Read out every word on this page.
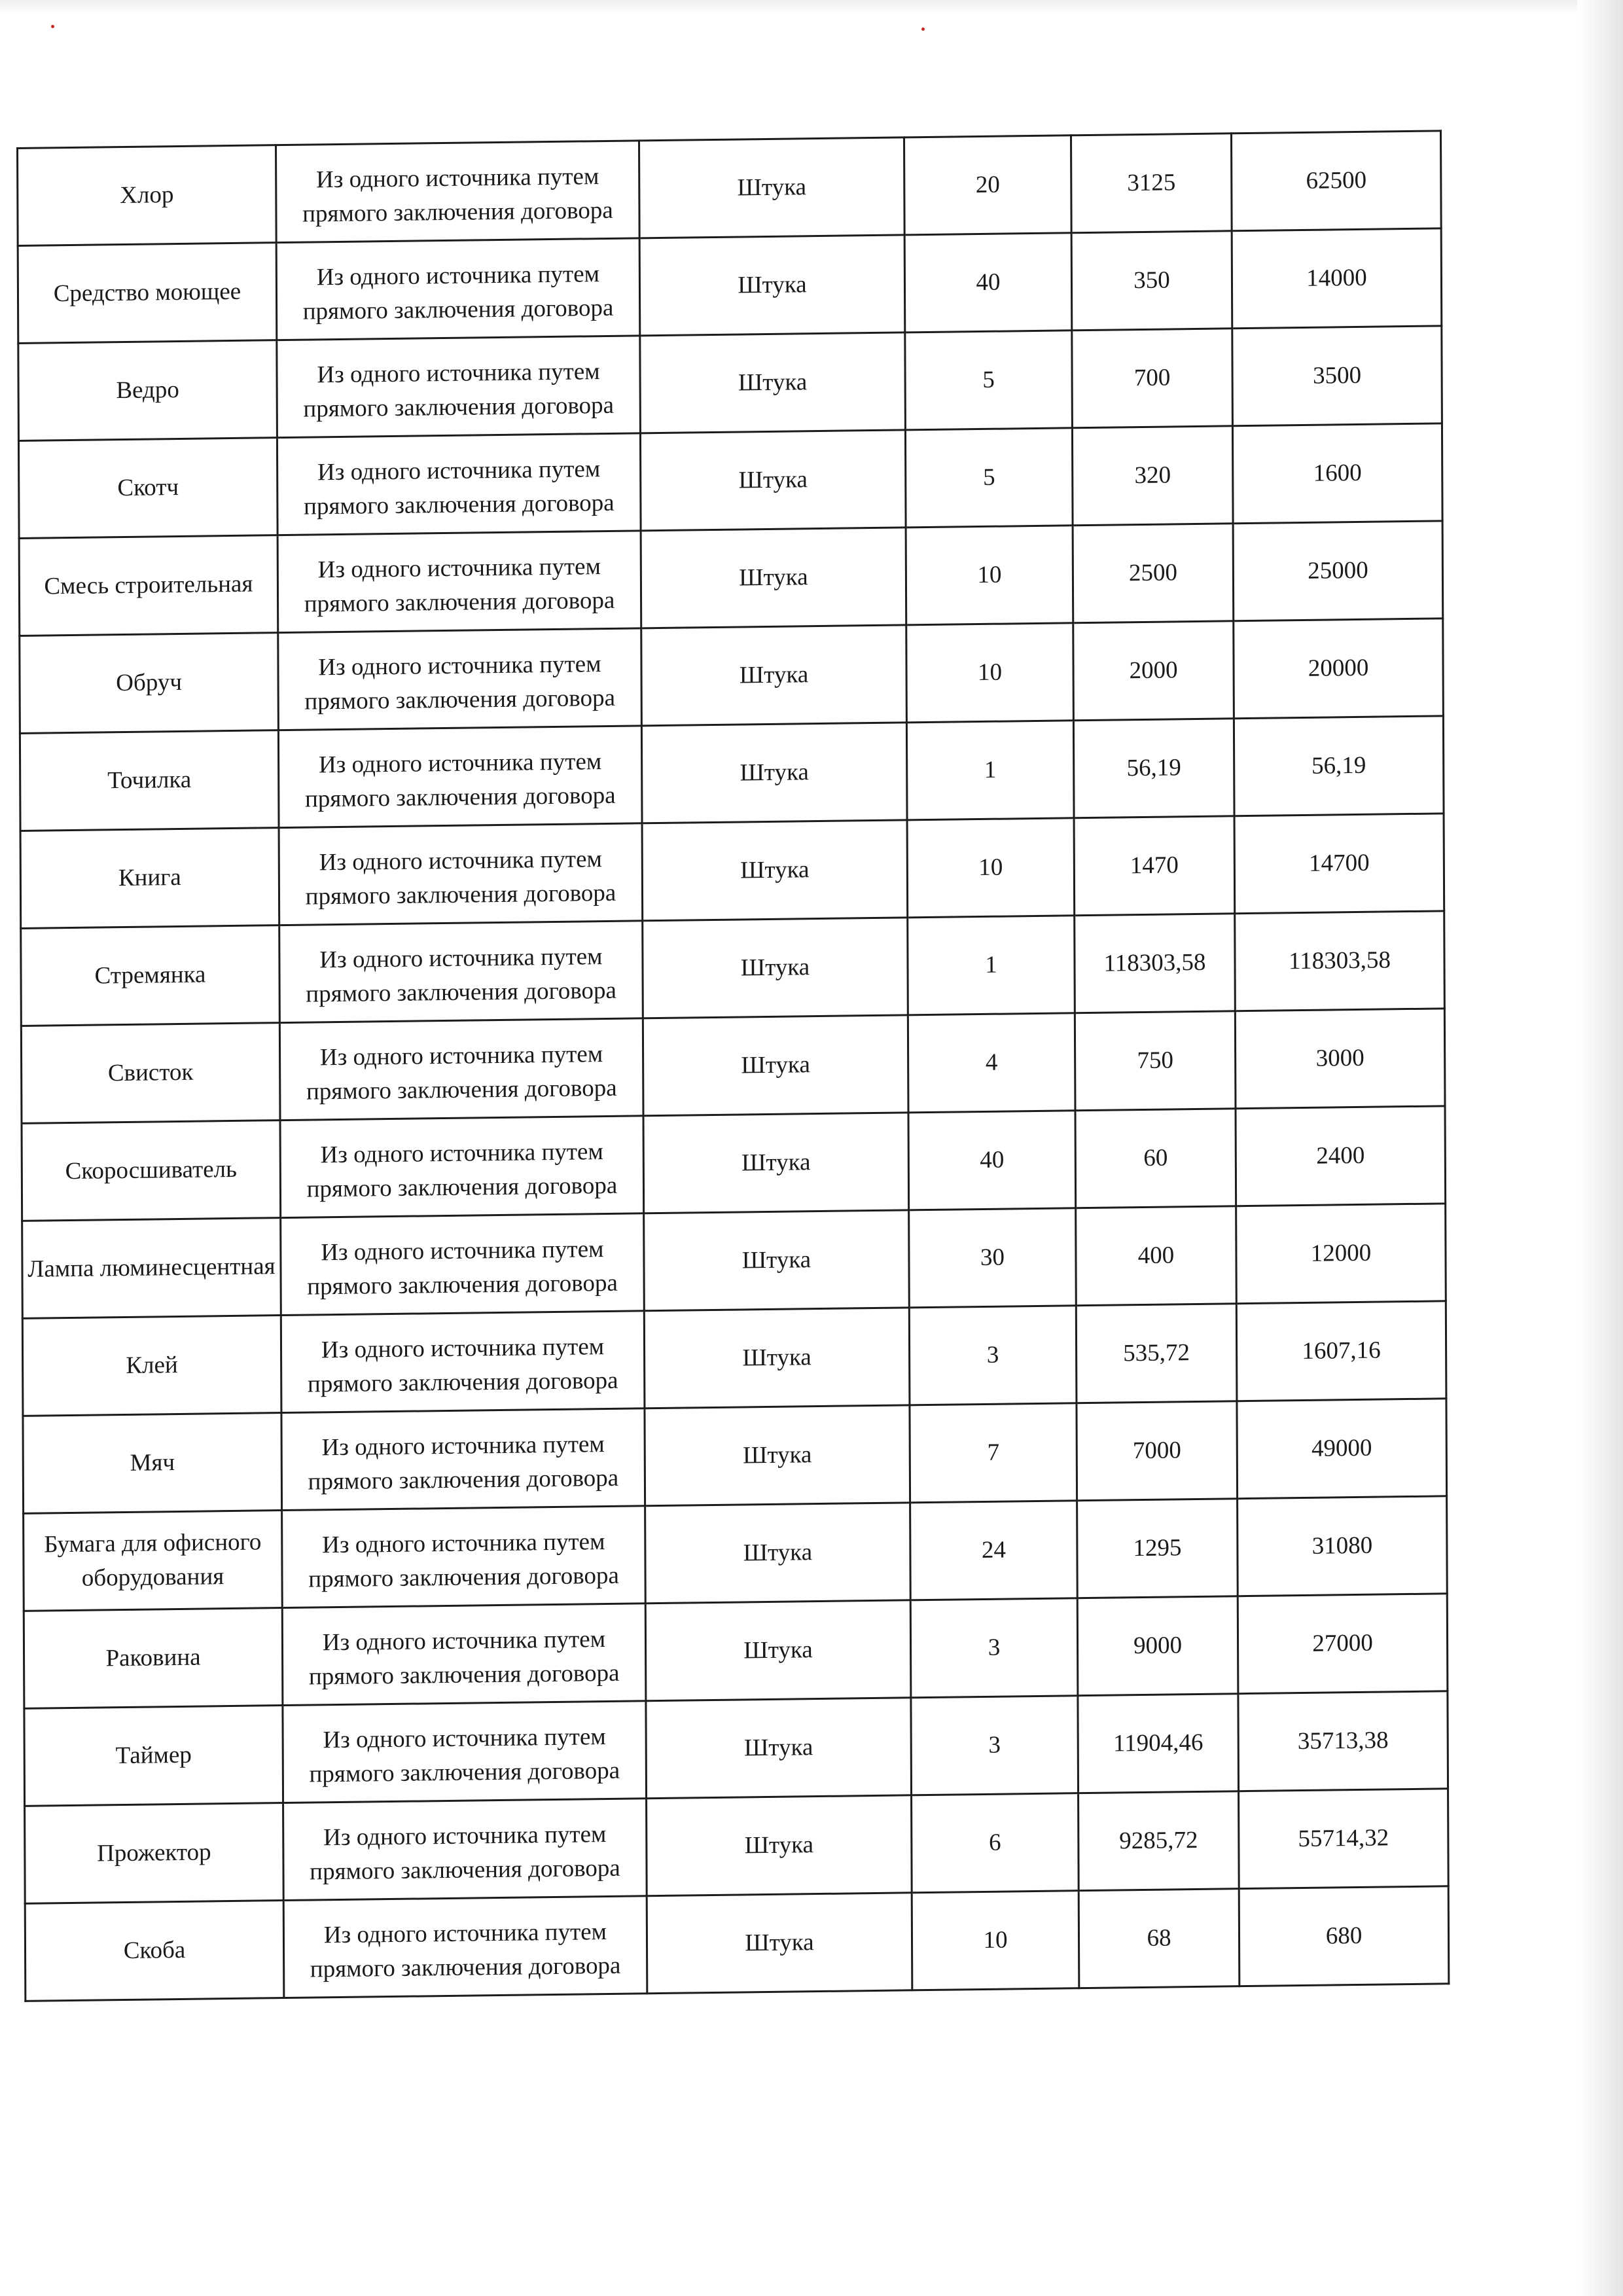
Хлор	Из одного источника путем прямого заключения договора	Штука	20	3125	62500
Средство моющее	Из одного источника путем прямого заключения договора	Штука	40	350	14000
Ведро	Из одного источника путем прямого заключения договора	Штука	5	700	3500
Скотч	Из одного источника путем прямого заключения договора	Штука	5	320	1600
Смесь строительная	Из одного источника путем прямого заключения договора	Штука	10	2500	25000
Обруч	Из одного источника путем прямого заключения договора	Штука	10	2000	20000
Точилка	Из одного источника путем прямого заключения договора	Штука	1	56,19	56,19
Книга	Из одного источника путем прямого заключения договора	Штука	10	1470	14700
Стремянка	Из одного источника путем прямого заключения договора	Штука	1	118303,58	118303,58
Свисток	Из одного источника путем прямого заключения договора	Штука	4	750	3000
Скоросшиватель	Из одного источника путем прямого заключения договора	Штука	40	60	2400
Лампа люминесцентная	Из одного источника путем прямого заключения договора	Штука	30	400	12000
Клей	Из одного источника путем прямого заключения договора	Штука	3	535,72	1607,16
Мяч	Из одного источника путем прямого заключения договора	Штука	7	7000	49000
Бумага для офисного оборудования	Из одного источника путем прямого заключения договора	Штука	24	1295	31080
Раковина	Из одного источника путем прямого заключения договора	Штука	3	9000	27000
Таймер	Из одного источника путем прямого заключения договора	Штука	3	11904,46	35713,38
Прожектор	Из одного источника путем прямого заключения договора	Штука	6	9285,72	55714,32
Скоба	Из одного источника путем прямого заключения договора	Штука	10	68	680
